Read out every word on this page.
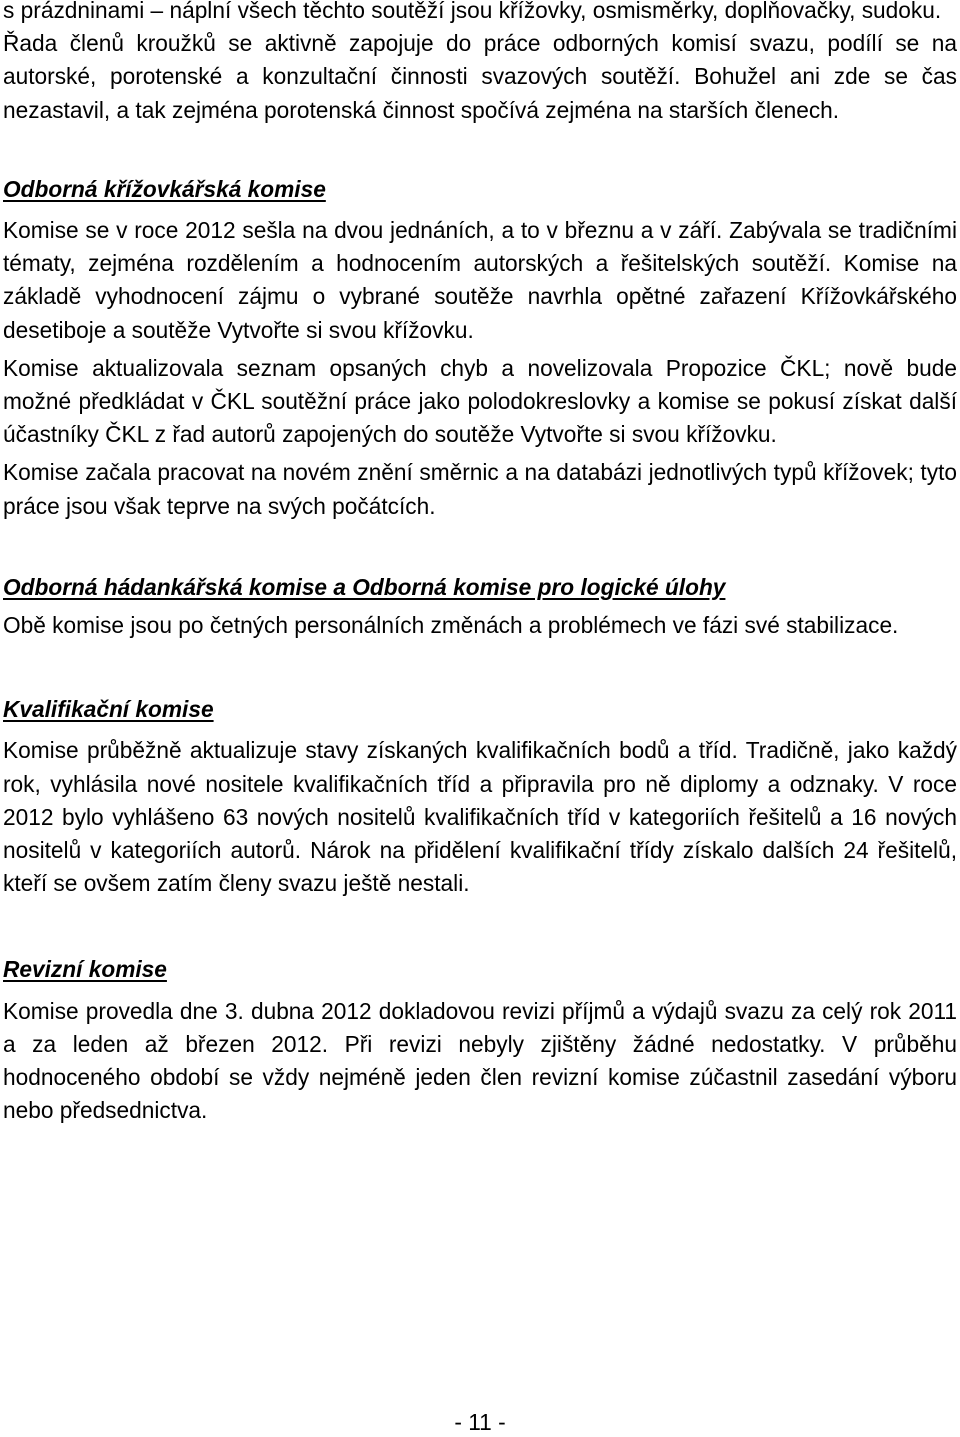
s prázdninami – náplní všech těchto soutěží jsou křížovky, osmisměrky, doplňovačky, sudoku.

Řada členů kroužků se aktivně zapojuje do práce odborných komisí svazu, podílí se na autorské, porotenské a konzultační činnosti svazových soutěží. Bohužel ani zde se čas nezastavil, a tak zejména porotenská činnost spočívá zejména na starších členech.

Odborná křížovkářská komise

Komise se v roce 2012 sešla na dvou jednáních, a to v březnu a v září. Zabývala se tradičními tématy, zejména rozdělením a hodnocením autorských a řešitelských soutěží. Komise na základě vyhodnocení zájmu o vybrané soutěže navrhla opětné zařazení Křížovkářského desetiboje a soutěže Vytvořte si svou křížovku.

Komise aktualizovala seznam opsaných chyb a novelizovala Propozice ČKL; nově bude možné předkládat v ČKL soutěžní práce jako polodokreslovky a komise se pokusí získat další účastníky ČKL z řad autorů zapojených do soutěže Vytvořte si svou křížovku.

Komise začala pracovat na novém znění směrnic a na databázi jednotlivých typů křížovek; tyto práce jsou však teprve na svých počátcích.

Odborná hádankářská komise a Odborná komise pro logické úlohy

Obě komise jsou po četných personálních změnách a problémech ve fázi své stabilizace.

Kvalifikační komise

Komise průběžně aktualizuje stavy získaných kvalifikačních bodů a tříd. Tradičně, jako každý rok, vyhlásila nové nositele kvalifikačních tříd a připravila pro ně diplomy a odznaky. V roce 2012 bylo vyhlášeno 63 nových nositelů kvalifikačních tříd v kategoriích řešitelů a 16 nových nositelů v kategoriích autorů. Nárok na přidělení kvalifikační třídy získalo dalších 24 řešitelů, kteří se ovšem zatím členy svazu ještě nestali.

Revizní komise

Komise provedla dne 3. dubna 2012 dokladovou revizi příjmů a výdajů svazu za celý rok 2011 a za leden až březen 2012. Při revizi nebyly zjištěny žádné nedostatky. V průběhu hodnoceného období se vždy nejméně jeden člen revizní komise zúčastnil zasedání výboru nebo předsednictva.

- 11 -
